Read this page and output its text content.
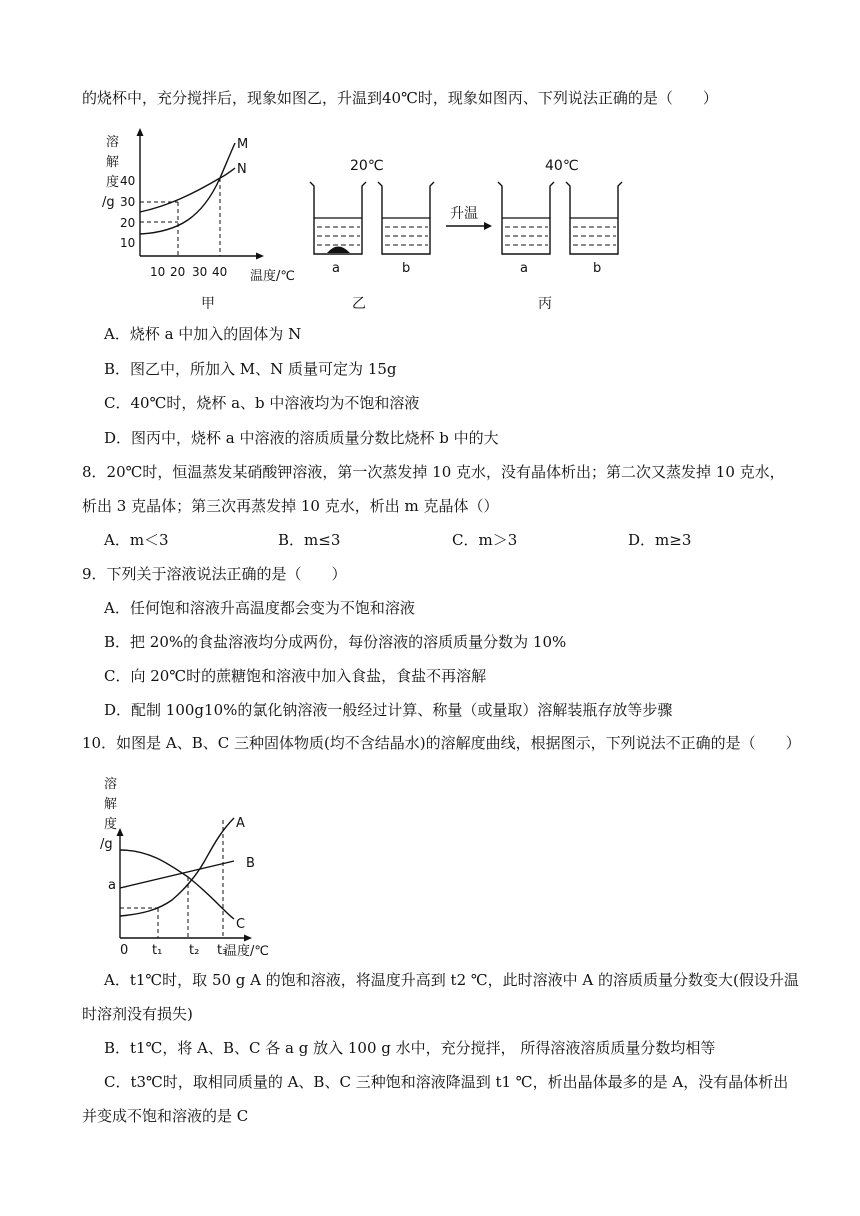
的烧杯中，充分搅拌后，现象如图乙，升温到40℃时，现象如图丙、下列说法正确的是（　　）
溶
解
度
/g
40
30
20
10
10 20 30 40 温度/℃
M
N
甲
20℃
a	b
乙
升温
40℃
a	b
丙
A．烧杯 a 中加入的固体为 N
B．图乙中，所加入 M、N 质量可定为 15g
C．40℃时，烧杯 a、b 中溶液均为不饱和溶液
D．图丙中，烧杯 a 中溶液的溶质质量分数比烧杯 b 中的大
8．20℃时，恒温蒸发某硝酸钾溶液，第一次蒸发掉 10 克水，没有晶体析出；第二次又蒸发掉 10 克水，
析出 3 克晶体；第三次再蒸发掉 10 克水，析出 m 克晶体（）
A．m＜3	B．m≤3	C．m＞3	D．m≥3
9．下列关于溶液说法正确的是（　　）
A．任何饱和溶液升高温度都会变为不饱和溶液
B．把 20%的食盐溶液均分成两份，每份溶液的溶质质量分数为 10%
C．向 20℃时的蔗糖饱和溶液中加入食盐，食盐不再溶解
D．配制 100g10%的氯化钠溶液一般经过计算、称量（或量取）溶解装瓶存放等步骤
10．如图是 A、B、C 三种固体物质(均不含结晶水)的溶解度曲线，根据图示，下列说法不正确的是（　　）
溶
解
度
/g
a
0 t₁ t₂ t₃
温度/℃
A
B
C
A．t1℃时，取 50 g A 的饱和溶液，将温度升高到 t2 ℃，此时溶液中 A 的溶质质量分数变大(假设升温
时溶剂没有损失)
B．t1℃，将 A、B、C 各 a g 放入 100 g 水中，充分搅拌， 所得溶液溶质质量分数均相等
C．t3℃时，取相同质量的 A、B、C 三种饱和溶液降温到 t1 ℃，析出晶体最多的是 A，没有晶体析出
并变成不饱和溶液的是 C
